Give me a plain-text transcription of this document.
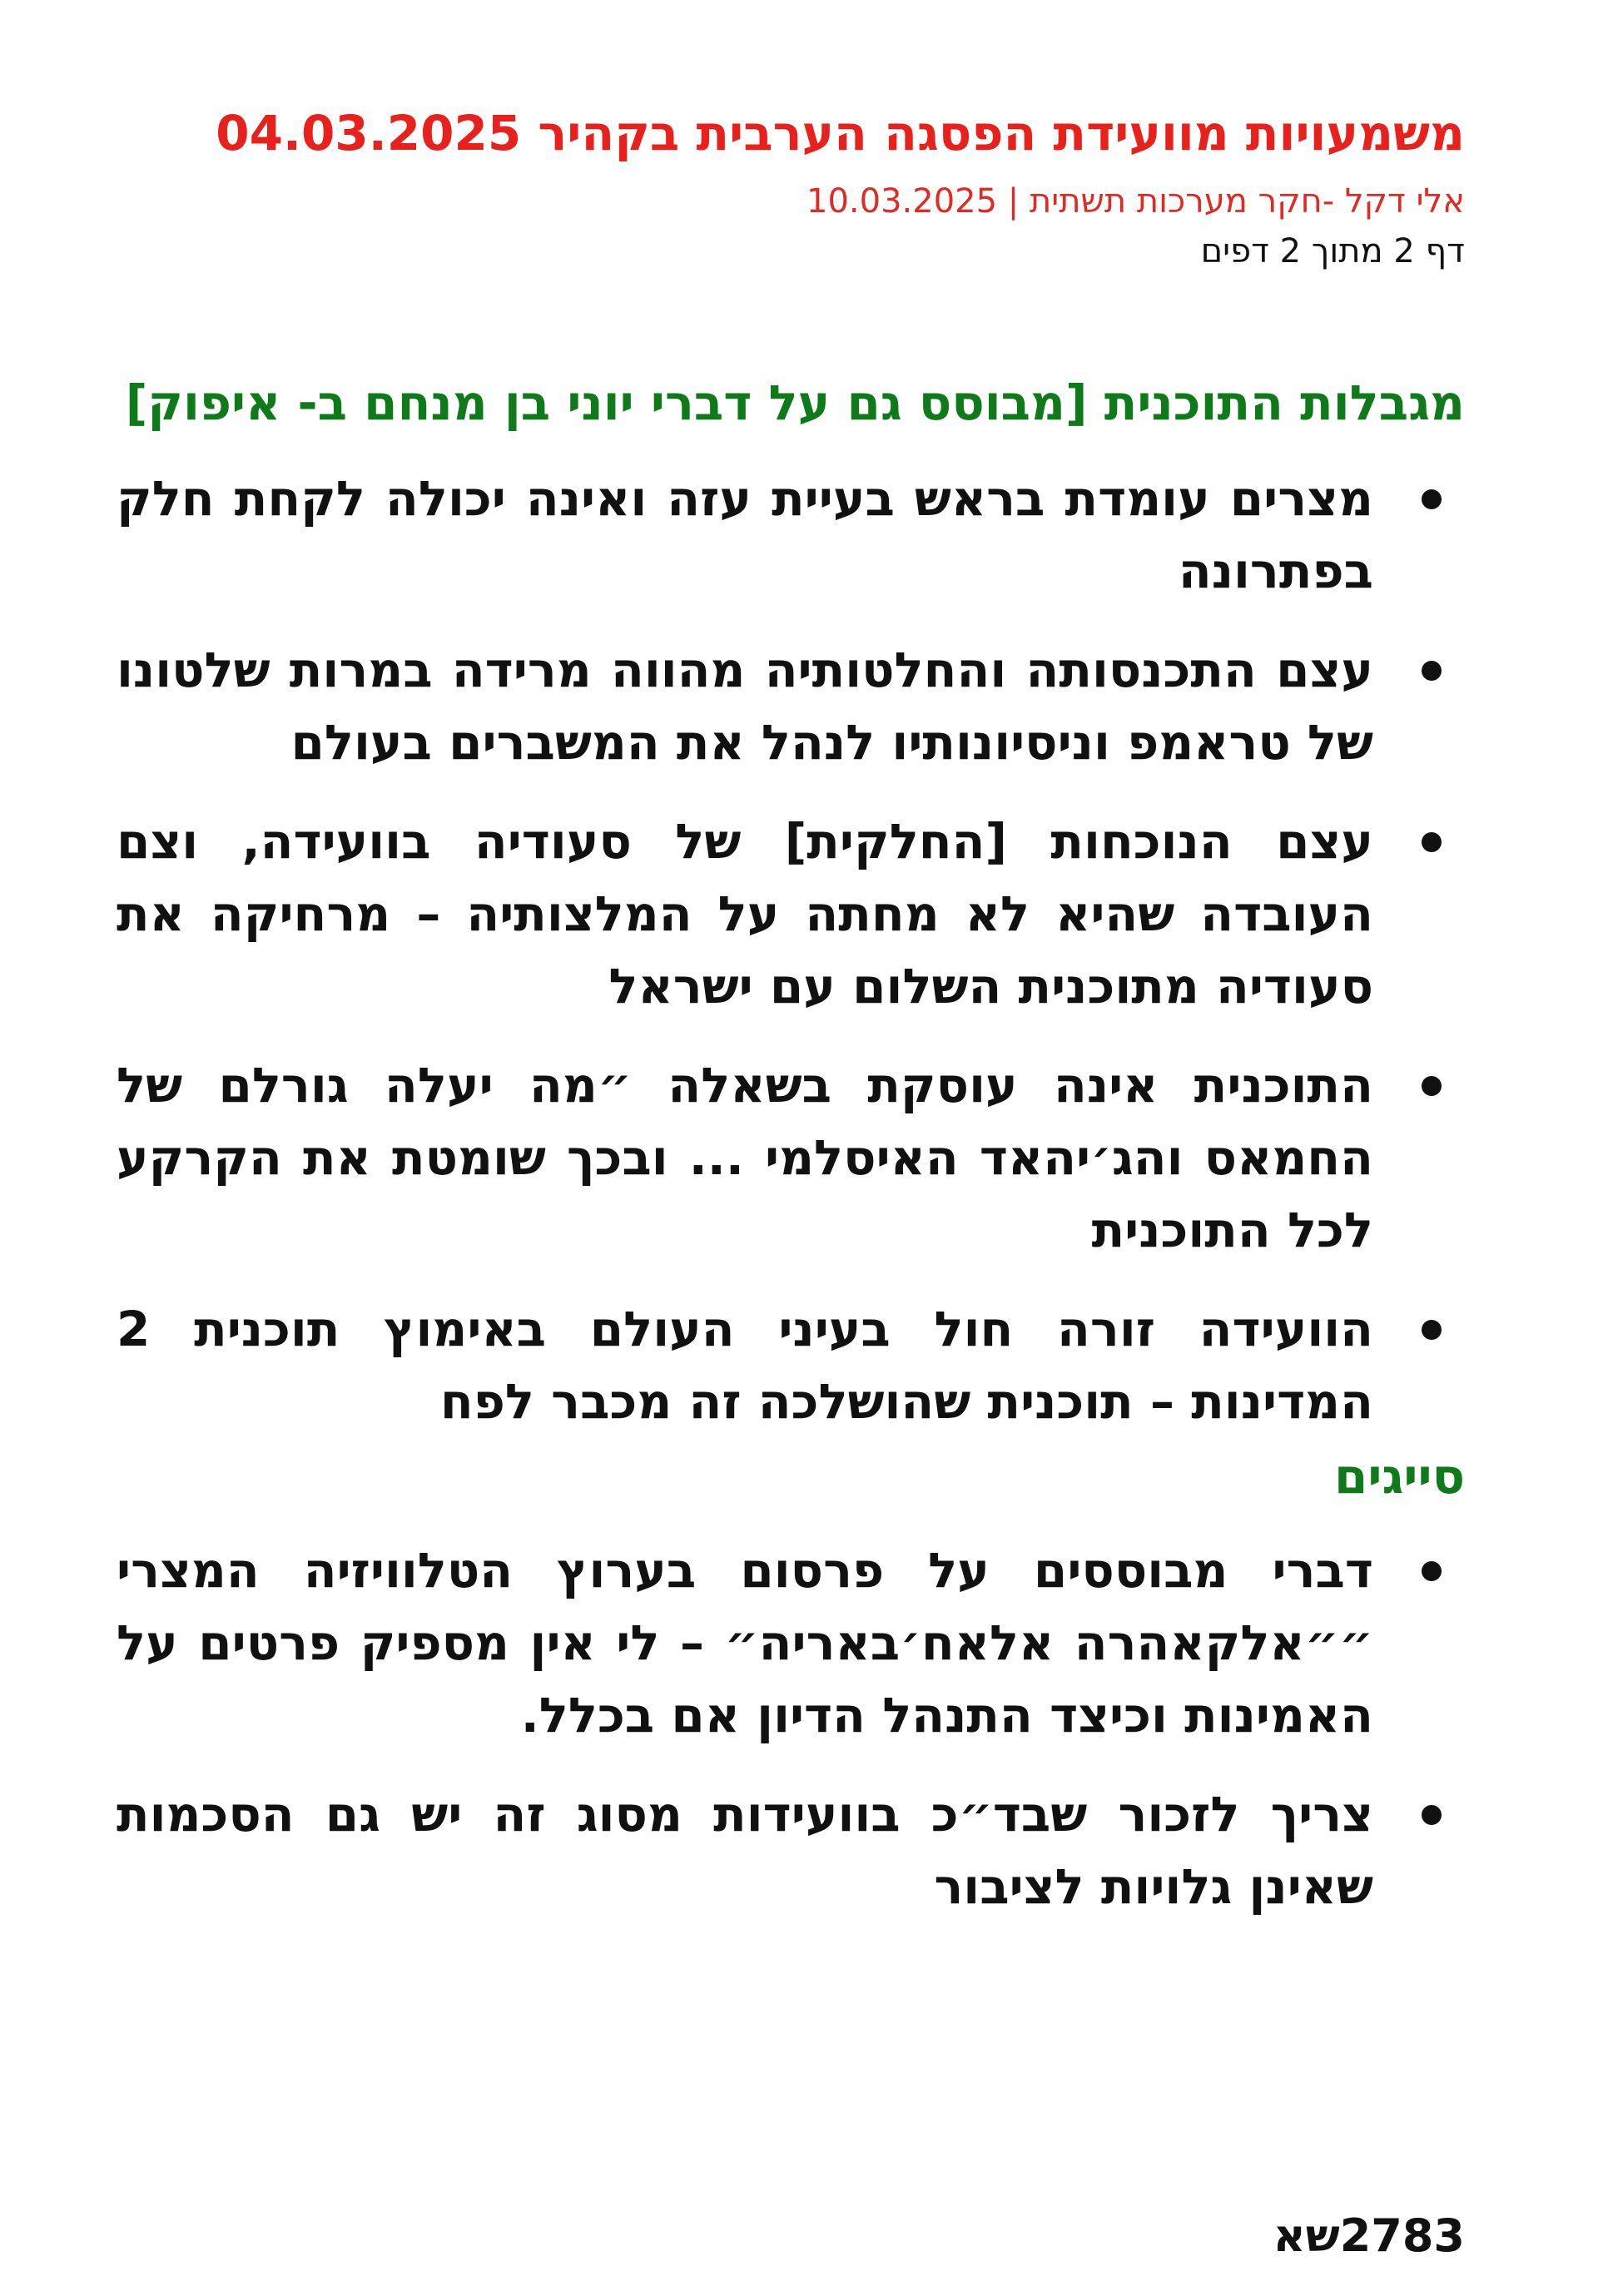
משמעויות מוועידת הפסגה הערבית בקהיר 04.03.2025

אלי דקל -חקר מערכות תשתית | 10.03.2025

דף 2 מתוך 2 דפים

מגבלות התוכנית [מבוסס גם על דברי יוני בן מנחם ב- איפוק]
מצרים עומדת בראש בעיית עזה ואינה יכולה לקחת חלק בפתרונה
עצם התכנסותה והחלטותיה מהווה מרידה במרות שלטונו של טראמפ וניסיונותיו לנהל את המשברים בעולם
עצם הנוכחות [החלקית] של סעודיה בוועידה, וצם העובדה שהיא לא מחתה על המלצותיה – מרחיקה את סעודיה מתוכנית השלום עם ישראל
התוכנית אינה עוסקת בשאלה ״מה יעלה גורלם של החמאס והג׳יהאד האיסלמי ... ובכך שומטת את הקרקע לכל התוכנית
הוועידה זורה חול בעיני העולם באימוץ תוכנית 2 המדינות – תוכנית שהושלכה זה מכבר לפח
סייגים
דברי מבוססים על פרסום בערוץ הטלוויזיה המצרי ״״אלקאהרה אלאח׳באריה״ – לי אין מספיק פרטים על האמינות וכיצד התנהל הדיון אם בכלל.
צריך לזכור שבד״כ בוועידות מסוג זה יש גם הסכמות שאינן גלויות לציבור
2783שא
